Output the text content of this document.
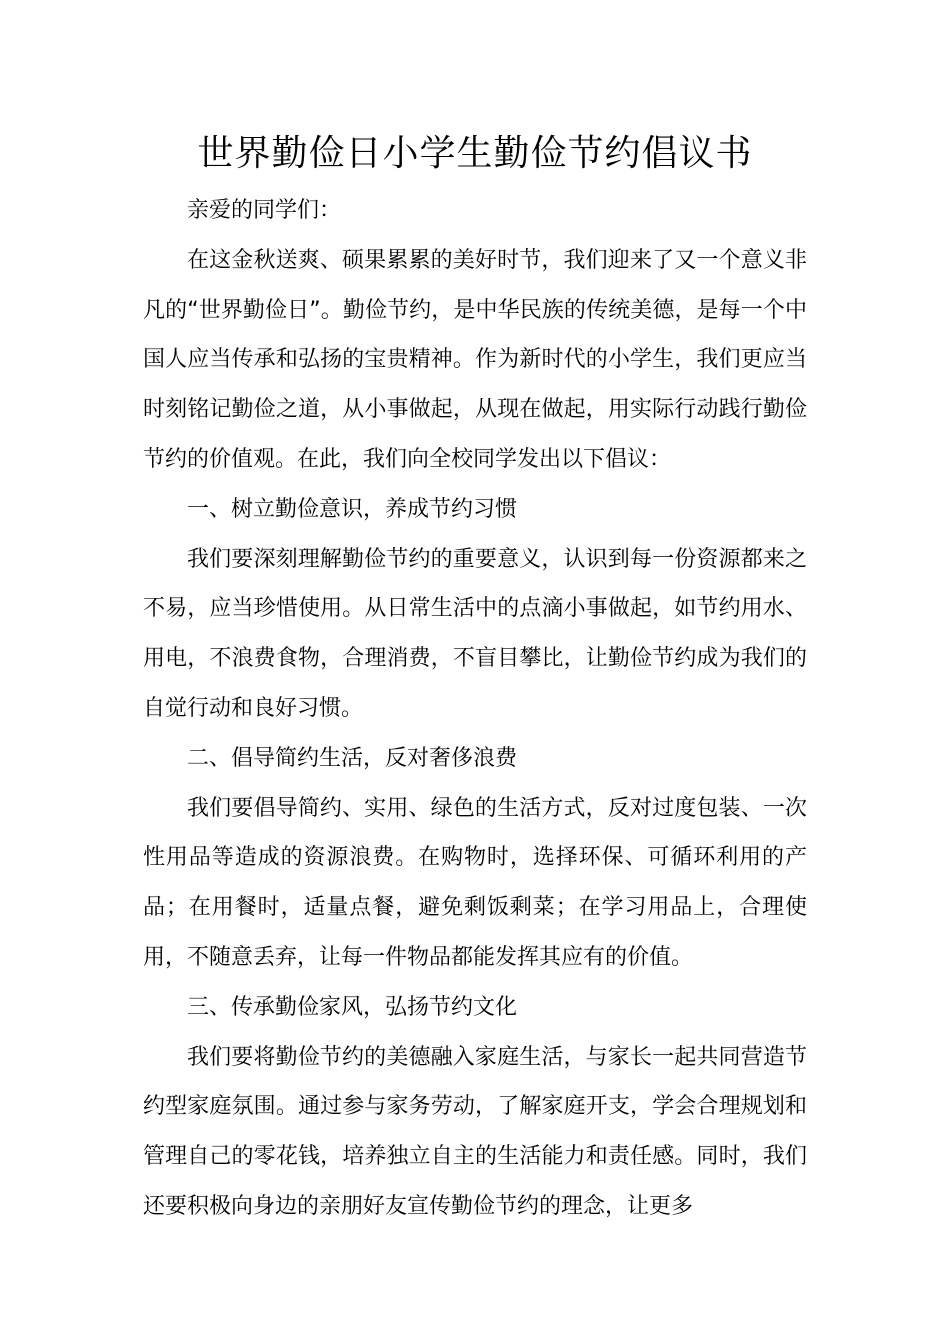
世界勤俭日小学生勤俭节约倡议书

亲爱的同学们：

在这金秋送爽、硕果累累的美好时节，我们迎来了又一个意义非凡的“世界勤俭日”。勤俭节约，是中华民族的传统美德，是每一个中国人应当传承和弘扬的宝贵精神。作为新时代的小学生，我们更应当时刻铭记勤俭之道，从小事做起，从现在做起，用实际行动践行勤俭节约的价值观。在此，我们向全校同学发出以下倡议：

一、树立勤俭意识，养成节约习惯

我们要深刻理解勤俭节约的重要意义，认识到每一份资源都来之不易，应当珍惜使用。从日常生活中的点滴小事做起，如节约用水、用电，不浪费食物，合理消费，不盲目攀比，让勤俭节约成为我们的自觉行动和良好习惯。

二、倡导简约生活，反对奢侈浪费

我们要倡导简约、实用、绿色的生活方式，反对过度包装、一次性用品等造成的资源浪费。在购物时，选择环保、可循环利用的产品；在用餐时，适量点餐，避免剩饭剩菜；在学习用品上，合理使用，不随意丢弃，让每一件物品都能发挥其应有的价值。

三、传承勤俭家风，弘扬节约文化

我们要将勤俭节约的美德融入家庭生活，与家长一起共同营造节约型家庭氛围。通过参与家务劳动，了解家庭开支，学会合理规划和管理自己的零花钱，培养独立自主的生活能力和责任感。同时，我们还要积极向身边的亲朋好友宣传勤俭节约的理念，让更多
